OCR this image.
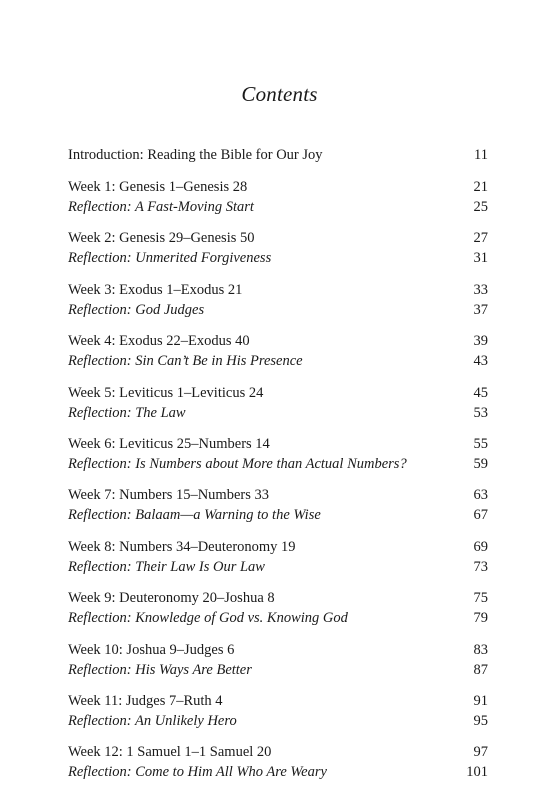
Contents
Introduction: Reading the Bible for Our Joy	11
Week 1: Genesis 1–Genesis 28	21
Reflection: A Fast-Moving Start	25
Week 2: Genesis 29–Genesis 50	27
Reflection: Unmerited Forgiveness	31
Week 3: Exodus 1–Exodus 21	33
Reflection: God Judges	37
Week 4: Exodus 22–Exodus 40	39
Reflection: Sin Can’t Be in His Presence	43
Week 5: Leviticus 1–Leviticus 24	45
Reflection: The Law	53
Week 6: Leviticus 25–Numbers 14	55
Reflection: Is Numbers about More than Actual Numbers?	59
Week 7: Numbers 15–Numbers 33	63
Reflection: Balaam—a Warning to the Wise	67
Week 8: Numbers 34–Deuteronomy 19	69
Reflection: Their Law Is Our Law	73
Week 9: Deuteronomy 20–Joshua 8	75
Reflection: Knowledge of God vs. Knowing God	79
Week 10: Joshua 9–Judges 6	83
Reflection: His Ways Are Better	87
Week 11: Judges 7–Ruth 4	91
Reflection: An Unlikely Hero	95
Week 12: 1 Samuel 1–1 Samuel 20	97
Reflection: Come to Him All Who Are Weary	101
